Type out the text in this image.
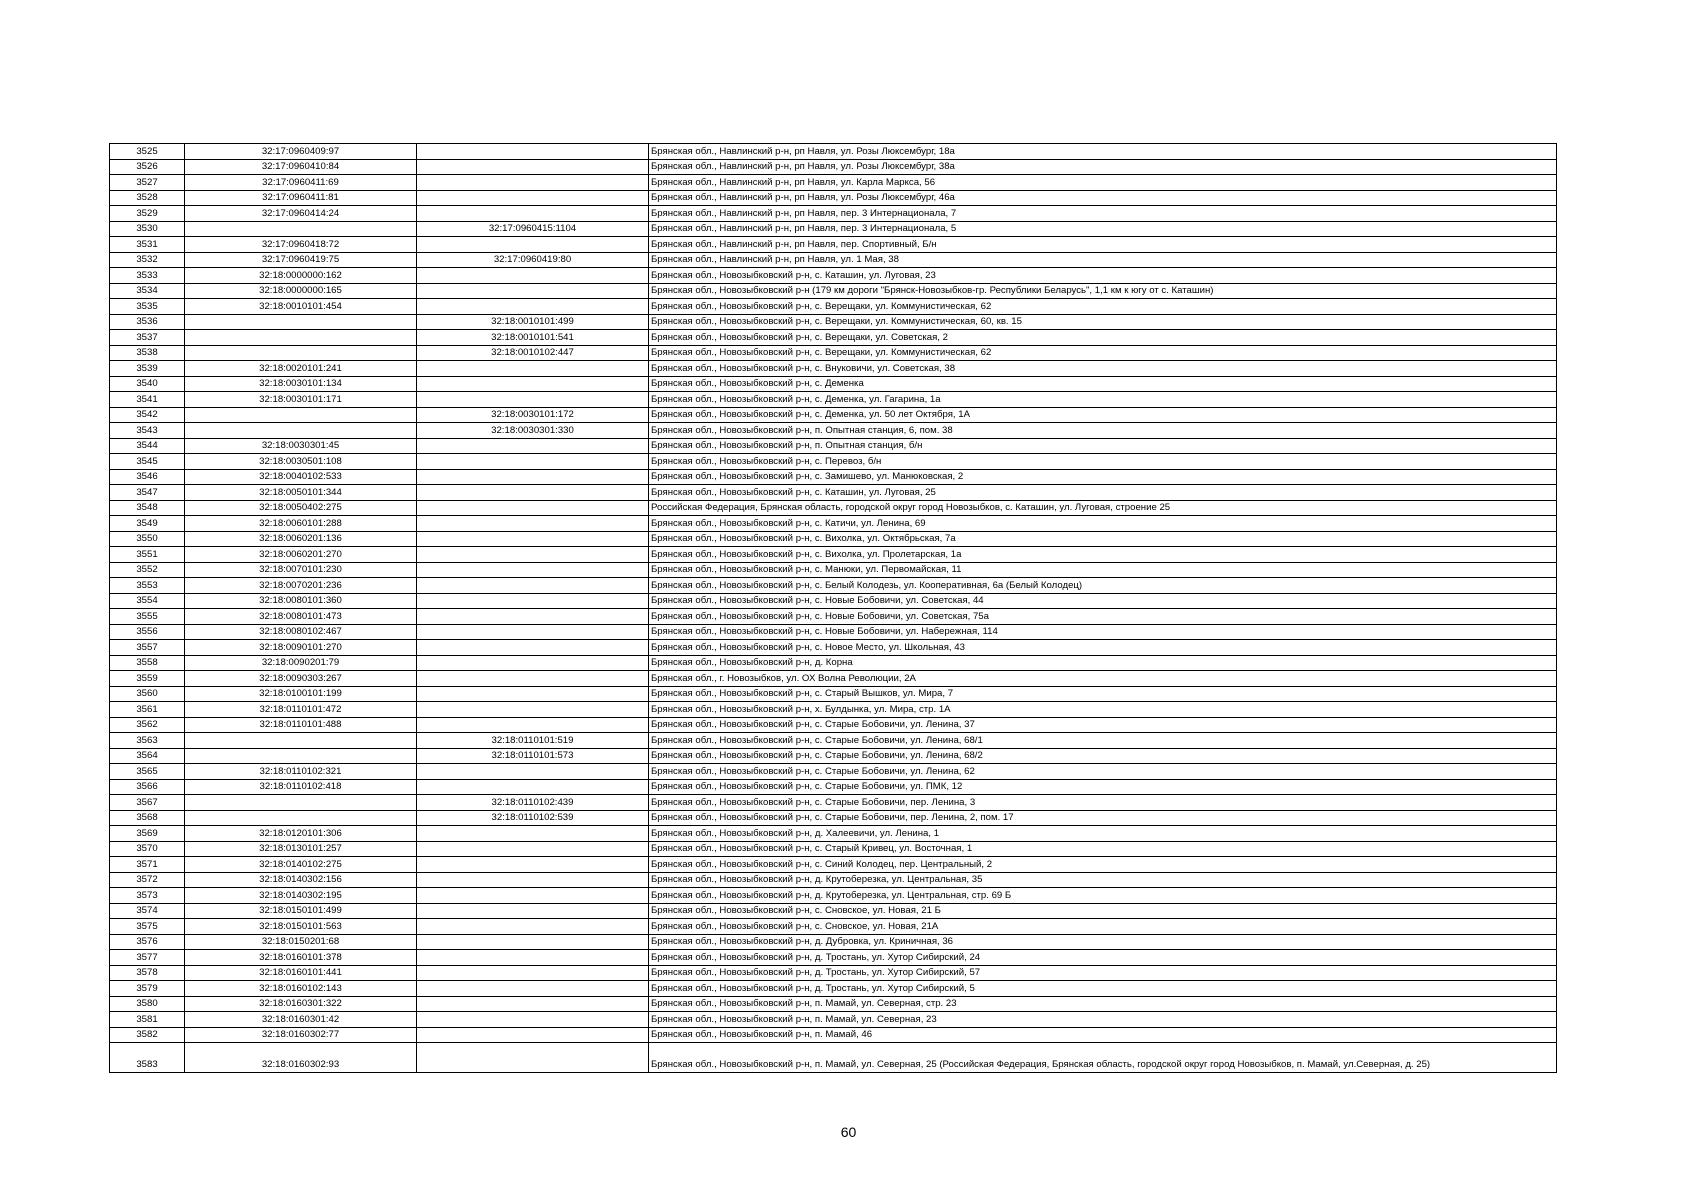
3525	32:17:0960409:97		Брянская обл., Навлинский р-н, рп Навля, ул. Розы Люксембург, 18а
3526	32:17:0960410:84		Брянская обл., Навлинский р-н, рп Навля, ул. Розы Люксембург, 38а
3527	32:17:0960411:69		Брянская обл., Навлинский р-н, рп Навля, ул. Карла Маркса, 56
3528	32:17:0960411:81		Брянская обл., Навлинский р-н, рп Навля, ул. Розы Люксембург, 46а
3529	32:17:0960414:24		Брянская обл., Навлинский р-н, рп Навля, пер. 3 Интернационала, 7
3530		32:17:0960415:1104	Брянская обл., Навлинский р-н, рп Навля, пер. 3 Интернационала, 5
3531	32:17:0960418:72		Брянская обл., Навлинский р-н, рп Навля, пер. Спортивный, Б/н
3532	32:17:0960419:75	32:17:0960419:80	Брянская обл., Навлинский р-н, рп Навля, ул. 1 Мая, 38
3533	32:18:0000000:162		Брянская обл., Новозыбковский р-н, с. Каташин, ул. Луговая, 23
3534	32:18:0000000:165		Брянская обл., Новозыбковский р-н (179 км дороги "Брянск-Новозыбков-гр. Республики Беларусь", 1,1 км к югу от с. Каташин)
3535	32:18:0010101:454		Брянская обл., Новозыбковский р-н, с. Верещаки, ул. Коммунистическая, 62
3536		32:18:0010101:499	Брянская обл., Новозыбковский р-н, с. Верещаки, ул. Коммунистическая, 60, кв. 15
3537		32:18:0010101:541	Брянская обл., Новозыбковский р-н, с. Верещаки, ул. Советская, 2
3538		32:18:0010102:447	Брянская обл., Новозыбковский р-н, с. Верещаки, ул. Коммунистическая, 62
3539	32:18:0020101:241		Брянская обл., Новозыбковский р-н, с. Внуковичи, ул. Советская, 38
3540	32:18:0030101:134		Брянская обл., Новозыбковский р-н, с. Деменка
3541	32:18:0030101:171		Брянская обл., Новозыбковский р-н, с. Деменка, ул. Гагарина, 1а
3542		32:18:0030101:172	Брянская обл., Новозыбковский р-н, с. Деменка, ул. 50 лет Октября, 1А
3543		32:18:0030301:330	Брянская обл., Новозыбковский р-н, п. Опытная станция, 6, пом. 38
3544	32:18:0030301:45		Брянская обл., Новозыбковский р-н, п. Опытная станция, б/н
3545	32:18:0030501:108		Брянская обл., Новозыбковский р-н, с. Перевоз, б/н
3546	32:18:0040102:533		Брянская обл., Новозыбковский р-н, с. Замишево, ул. Манюковская, 2
3547	32:18:0050101:344		Брянская обл., Новозыбковский р-н, с. Каташин, ул. Луговая, 25
3548	32:18:0050402:275		Российская Федерация, Брянская область, городской округ город Новозыбков, с. Каташин, ул. Луговая, строение 25
3549	32:18:0060101:288		Брянская обл., Новозыбковский р-н, с. Катичи, ул. Ленина, 69
3550	32:18:0060201:136		Брянская обл., Новозыбковский р-н, с. Вихолка, ул. Октябрьская, 7а
3551	32:18:0060201:270		Брянская обл., Новозыбковский р-н, с. Вихолка, ул. Пролетарская, 1а
3552	32:18:0070101:230		Брянская обл., Новозыбковский р-н, с. Манюки, ул. Первомайская, 11
3553	32:18:0070201:236		Брянская обл., Новозыбковский р-н, с. Белый Колодезь, ул. Кооперативная, 6а (Белый Колодец)
3554	32:18:0080101:360		Брянская обл., Новозыбковский р-н, с. Новые Бобовичи, ул. Советская, 44
3555	32:18:0080101:473		Брянская обл., Новозыбковский р-н, с. Новые Бобовичи, ул. Советская, 75а
3556	32:18:0080102:467		Брянская обл., Новозыбковский р-н, с. Новые Бобовичи, ул. Набережная, 114
3557	32:18:0090101:270		Брянская обл., Новозыбковский р-н, с. Новое Место, ул. Школьная, 43
3558	32:18:0090201:79		Брянская обл., Новозыбковский р-н, д. Корна
3559	32:18:0090303:267		Брянская обл., г. Новозыбков, ул. ОХ Волна Революции, 2А
3560	32:18:0100101:199		Брянская обл., Новозыбковский р-н, с. Старый Вышков, ул. Мира, 7
3561	32:18:0110101:472		Брянская обл., Новозыбковский р-н, х. Булдынка, ул. Мира, стр. 1А
3562	32:18:0110101:488		Брянская обл., Новозыбковский р-н, с. Старые Бобовичи, ул. Ленина, 37
3563		32:18:0110101:519	Брянская обл., Новозыбковский р-н, с. Старые Бобовичи, ул. Ленина, 68/1
3564		32:18:0110101:573	Брянская обл., Новозыбковский р-н, с. Старые Бобовичи, ул. Ленина, 68/2
3565	32:18:0110102:321		Брянская обл., Новозыбковский р-н, с. Старые Бобовичи, ул. Ленина, 62
3566	32:18:0110102:418		Брянская обл., Новозыбковский р-н, с. Старые Бобовичи, ул. ПМК, 12
3567		32:18:0110102:439	Брянская обл., Новозыбковский р-н, с. Старые Бобовичи, пер. Ленина, 3
3568		32:18:0110102:539	Брянская обл., Новозыбковский р-н, с. Старые Бобовичи, пер. Ленина, 2, пом. 17
3569	32:18:0120101:306		Брянская обл., Новозыбковский р-н, д. Халеевичи, ул. Ленина, 1
3570	32:18:0130101:257		Брянская обл., Новозыбковский р-н, с. Старый Кривец, ул. Восточная, 1
3571	32:18:0140102:275		Брянская обл., Новозыбковский р-н, с. Синий Колодец, пер. Центральный, 2
3572	32:18:0140302:156		Брянская обл., Новозыбковский р-н, д. Крутоберезка, ул. Центральная, 35
3573	32:18:0140302:195		Брянская обл., Новозыбковский р-н, д. Крутоберезка, ул. Центральная, стр. 69 Б
3574	32:18:0150101:499		Брянская обл., Новозыбковский р-н, с. Сновское, ул. Новая, 21 Б
3575	32:18:0150101:563		Брянская обл., Новозыбковский р-н, с. Сновское, ул. Новая, 21А
3576	32:18:0150201:68		Брянская обл., Новозыбковский р-н, д. Дубровка, ул. Криничная, 36
3577	32:18:0160101:378		Брянская обл., Новозыбковский р-н, д. Тростань, ул. Хутор Сибирский, 24
3578	32:18:0160101:441		Брянская обл., Новозыбковский р-н, д. Тростань, ул. Хутор Сибирский, 57
3579	32:18:0160102:143		Брянская обл., Новозыбковский р-н, д. Тростань, ул. Хутор Сибирский, 5
3580	32:18:0160301:322		Брянская обл., Новозыбковский р-н, п. Мамай, ул. Северная, стр. 23
3581	32:18:0160301:42		Брянская обл., Новозыбковский р-н, п. Мамай, ул. Северная, 23
3582	32:18:0160302:77		Брянская обл., Новозыбковский р-н, п. Мамай, 46
3583	32:18:0160302:93		Брянская обл., Новозыбковский р-н, п. Мамай, ул. Северная, 25 (Российская Федерация, Брянская область, городской округ город Новозыбков, п. Мамай, ул.Северная, д. 25)
60
